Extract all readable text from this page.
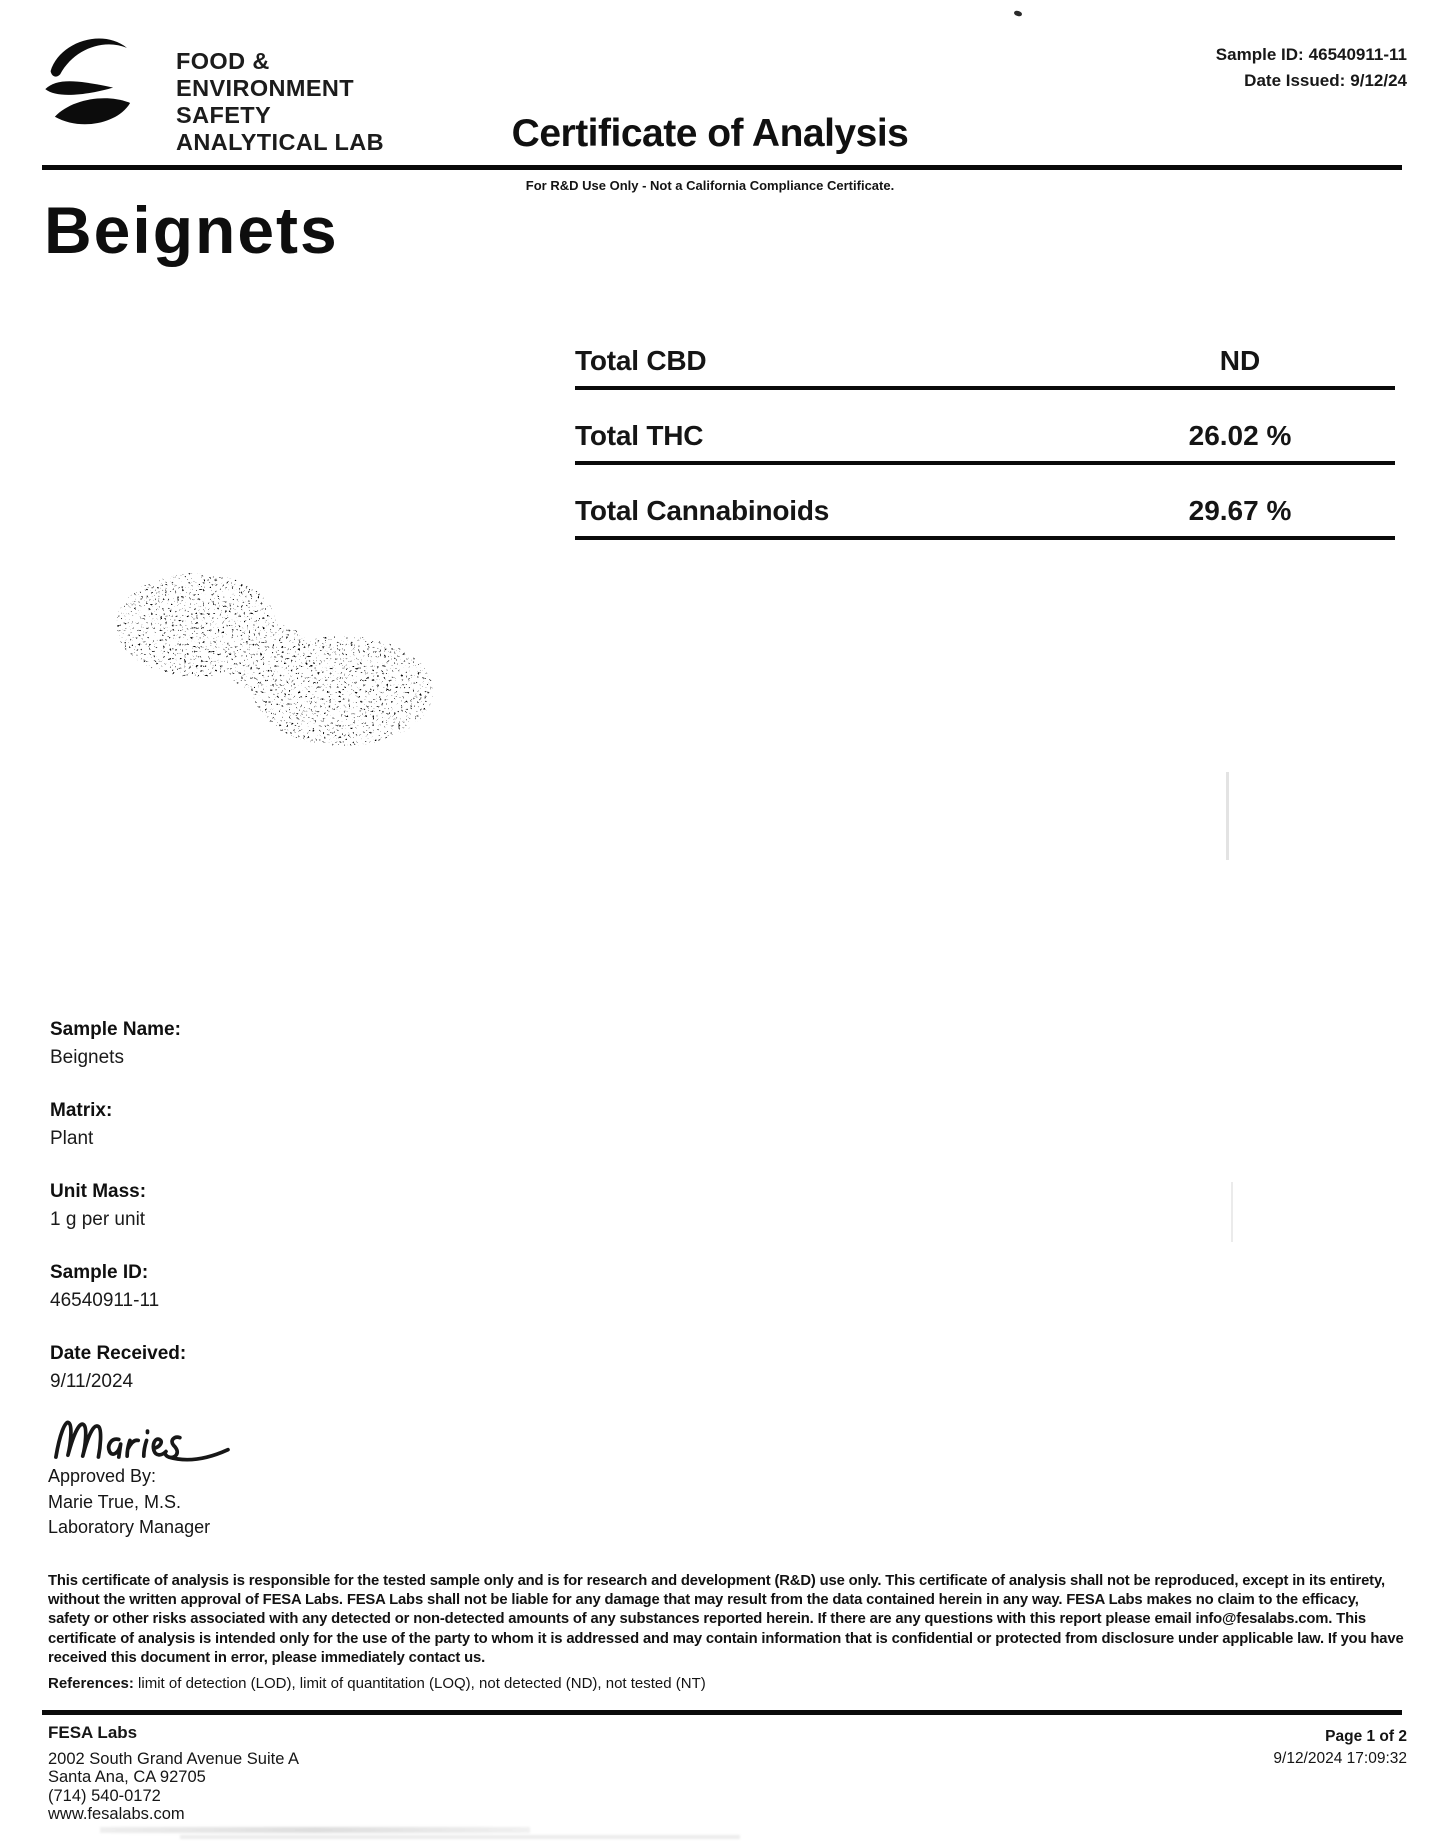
FOOD &
ENVIRONMENT
SAFETY
ANALYTICAL LAB
Sample ID: 46540911-11
Date Issued: 9/12/24
Certificate of Analysis
For R&D Use Only - Not a California Compliance Certificate.
Beignets
Total CBD	ND
Total THC	26.02 %
Total Cannabinoids	29.67 %
Sample Name:
Beignets
Matrix:
Plant
Unit Mass:
1 g per unit
Sample ID:
46540911-11
Date Received:
9/11/2024
Approved By:
Marie True, M.S.
Laboratory Manager

This certificate of analysis is responsible for the tested sample only and is for research and development (R&D) use only. This certificate of analysis shall not be reproduced, except in its entirety, without the written approval of FESA Labs. FESA Labs shall not be liable for any damage that may result from the data contained herein in any way. FESA Labs makes no claim to the efficacy, safety or other risks associated with any detected or non-detected amounts of any substances reported herein. If there are any questions with this report please email info@fesalabs.com. This certificate of analysis is intended only for the use of the party to whom it is addressed and may contain information that is confidential or protected from disclosure under applicable law. If you have received this document in error, please immediately contact us.

References: limit of detection (LOD), limit of quantitation (LOQ), not detected (ND), not tested (NT)

FESA Labs
2002 South Grand Avenue Suite A
Santa Ana, CA 92705
(714) 540-0172
www.fesalabs.com
Page 1 of 2
9/12/2024 17:09:32
